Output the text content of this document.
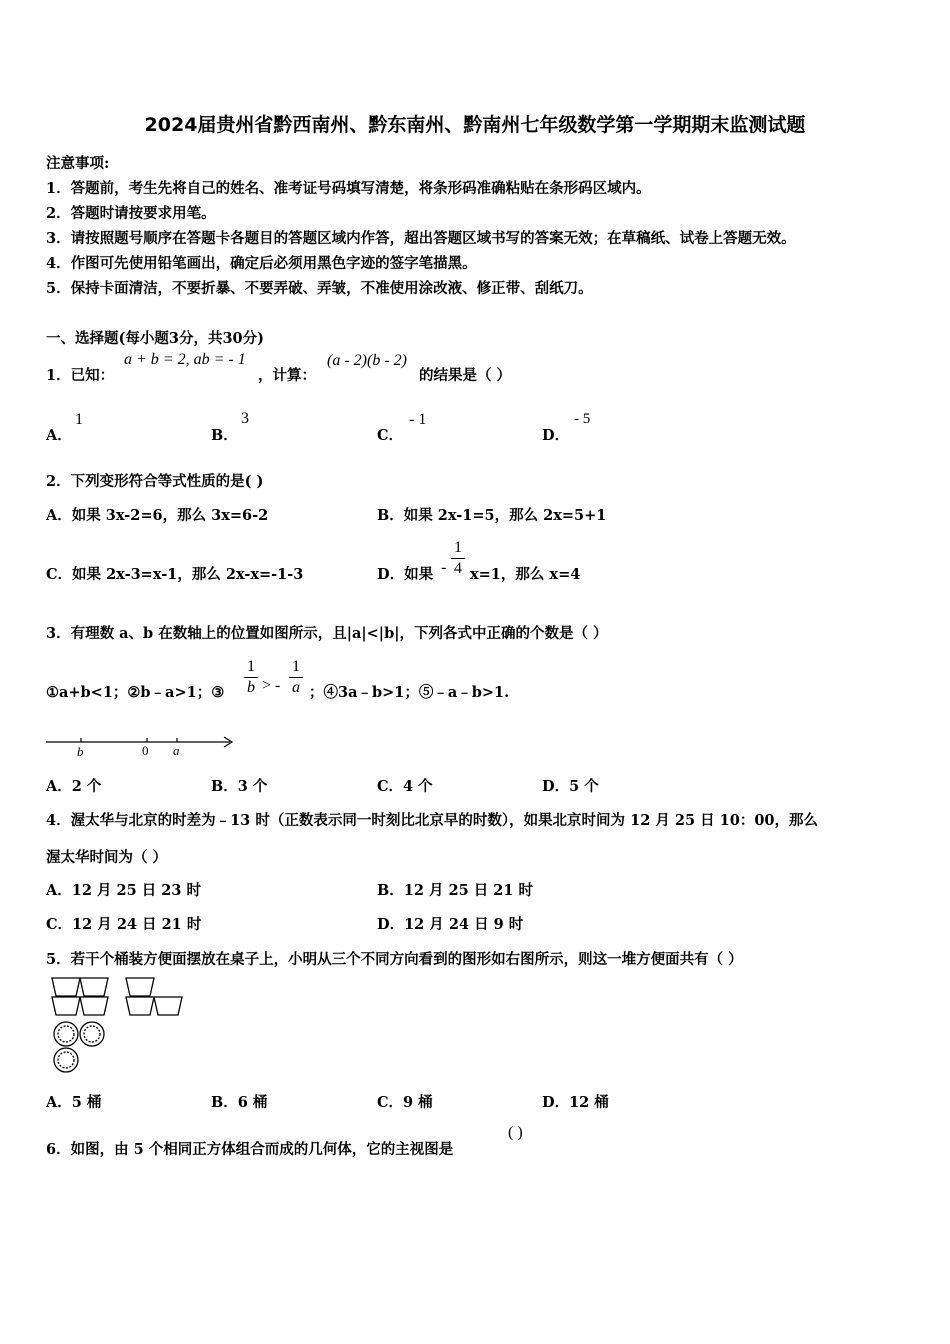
2024届贵州省黔西南州、黔东南州、黔南州七年级数学第一学期期末监测试题
注意事项:
1．答题前，考生先将自己的姓名、准考证号码填写清楚，将条形码准确粘贴在条形码区域内。
2．答题时请按要求用笔。
3．请按照题号顺序在答题卡各题目的答题区域内作答，超出答题区域书写的答案无效；在草稿纸、试卷上答题无效。
4．作图可先使用铅笔画出，确定后必须用黑色字迹的签字笔描黑。
5．保持卡面清洁，不要折暴、不要弄破、弄皱，不准使用涂改液、修正带、刮纸刀。
一、选择题(每小题3分，共30分)
1．已知：
a + b = 2, ab = - 1
，计算：
(a - 2)(b - 2)
的结果是（ ）
A．
1
B．
3
C．
- 1
D．
- 5
2．下列变形符合等式性质的是( )
A．如果 3x-2=6，那么 3x=6-2	B．如果 2x-1=5，那么 2x=5+1
C．如果 2x-3=x-1，那么 2x-x=-1-3	D．如果 - $\frac{1}{4} x=1$，那么 x=4
3．有理数 a、b 在数轴上的位置如图所示，且|a|<|b|，下列各式中正确的个数是（ ）
①a+b<1；②b﹣a>1；③ $\frac{1}{b}$ > - $\frac{1}{a}$ ；④3a﹣b>1；⑤﹣a﹣b>1.
b	0 a
A．2 个	B．3 个	C．4 个	D．5 个
4．渥太华与北京的时差为﹣13 时（正数表示同一时刻比北京早的时数），如果北京时间为 12 月 25 日 10：00，那么
渥太华时间为（ ）
A．12 月 25 日 23 时	B．12 月 25 日 21 时
C．12 月 24 日 21 时	D．12 月 24 日 9 时
5．若干个桶装方便面摆放在桌子上，小明从三个不同方向看到的图形如右图所示，则这一堆方便面共有（ ）
A．5 桶	B．6 桶	C．9 桶	D．12 桶
6．如图，由 5 个相同正方体组合而成的几何体，它的主视图是
( )
